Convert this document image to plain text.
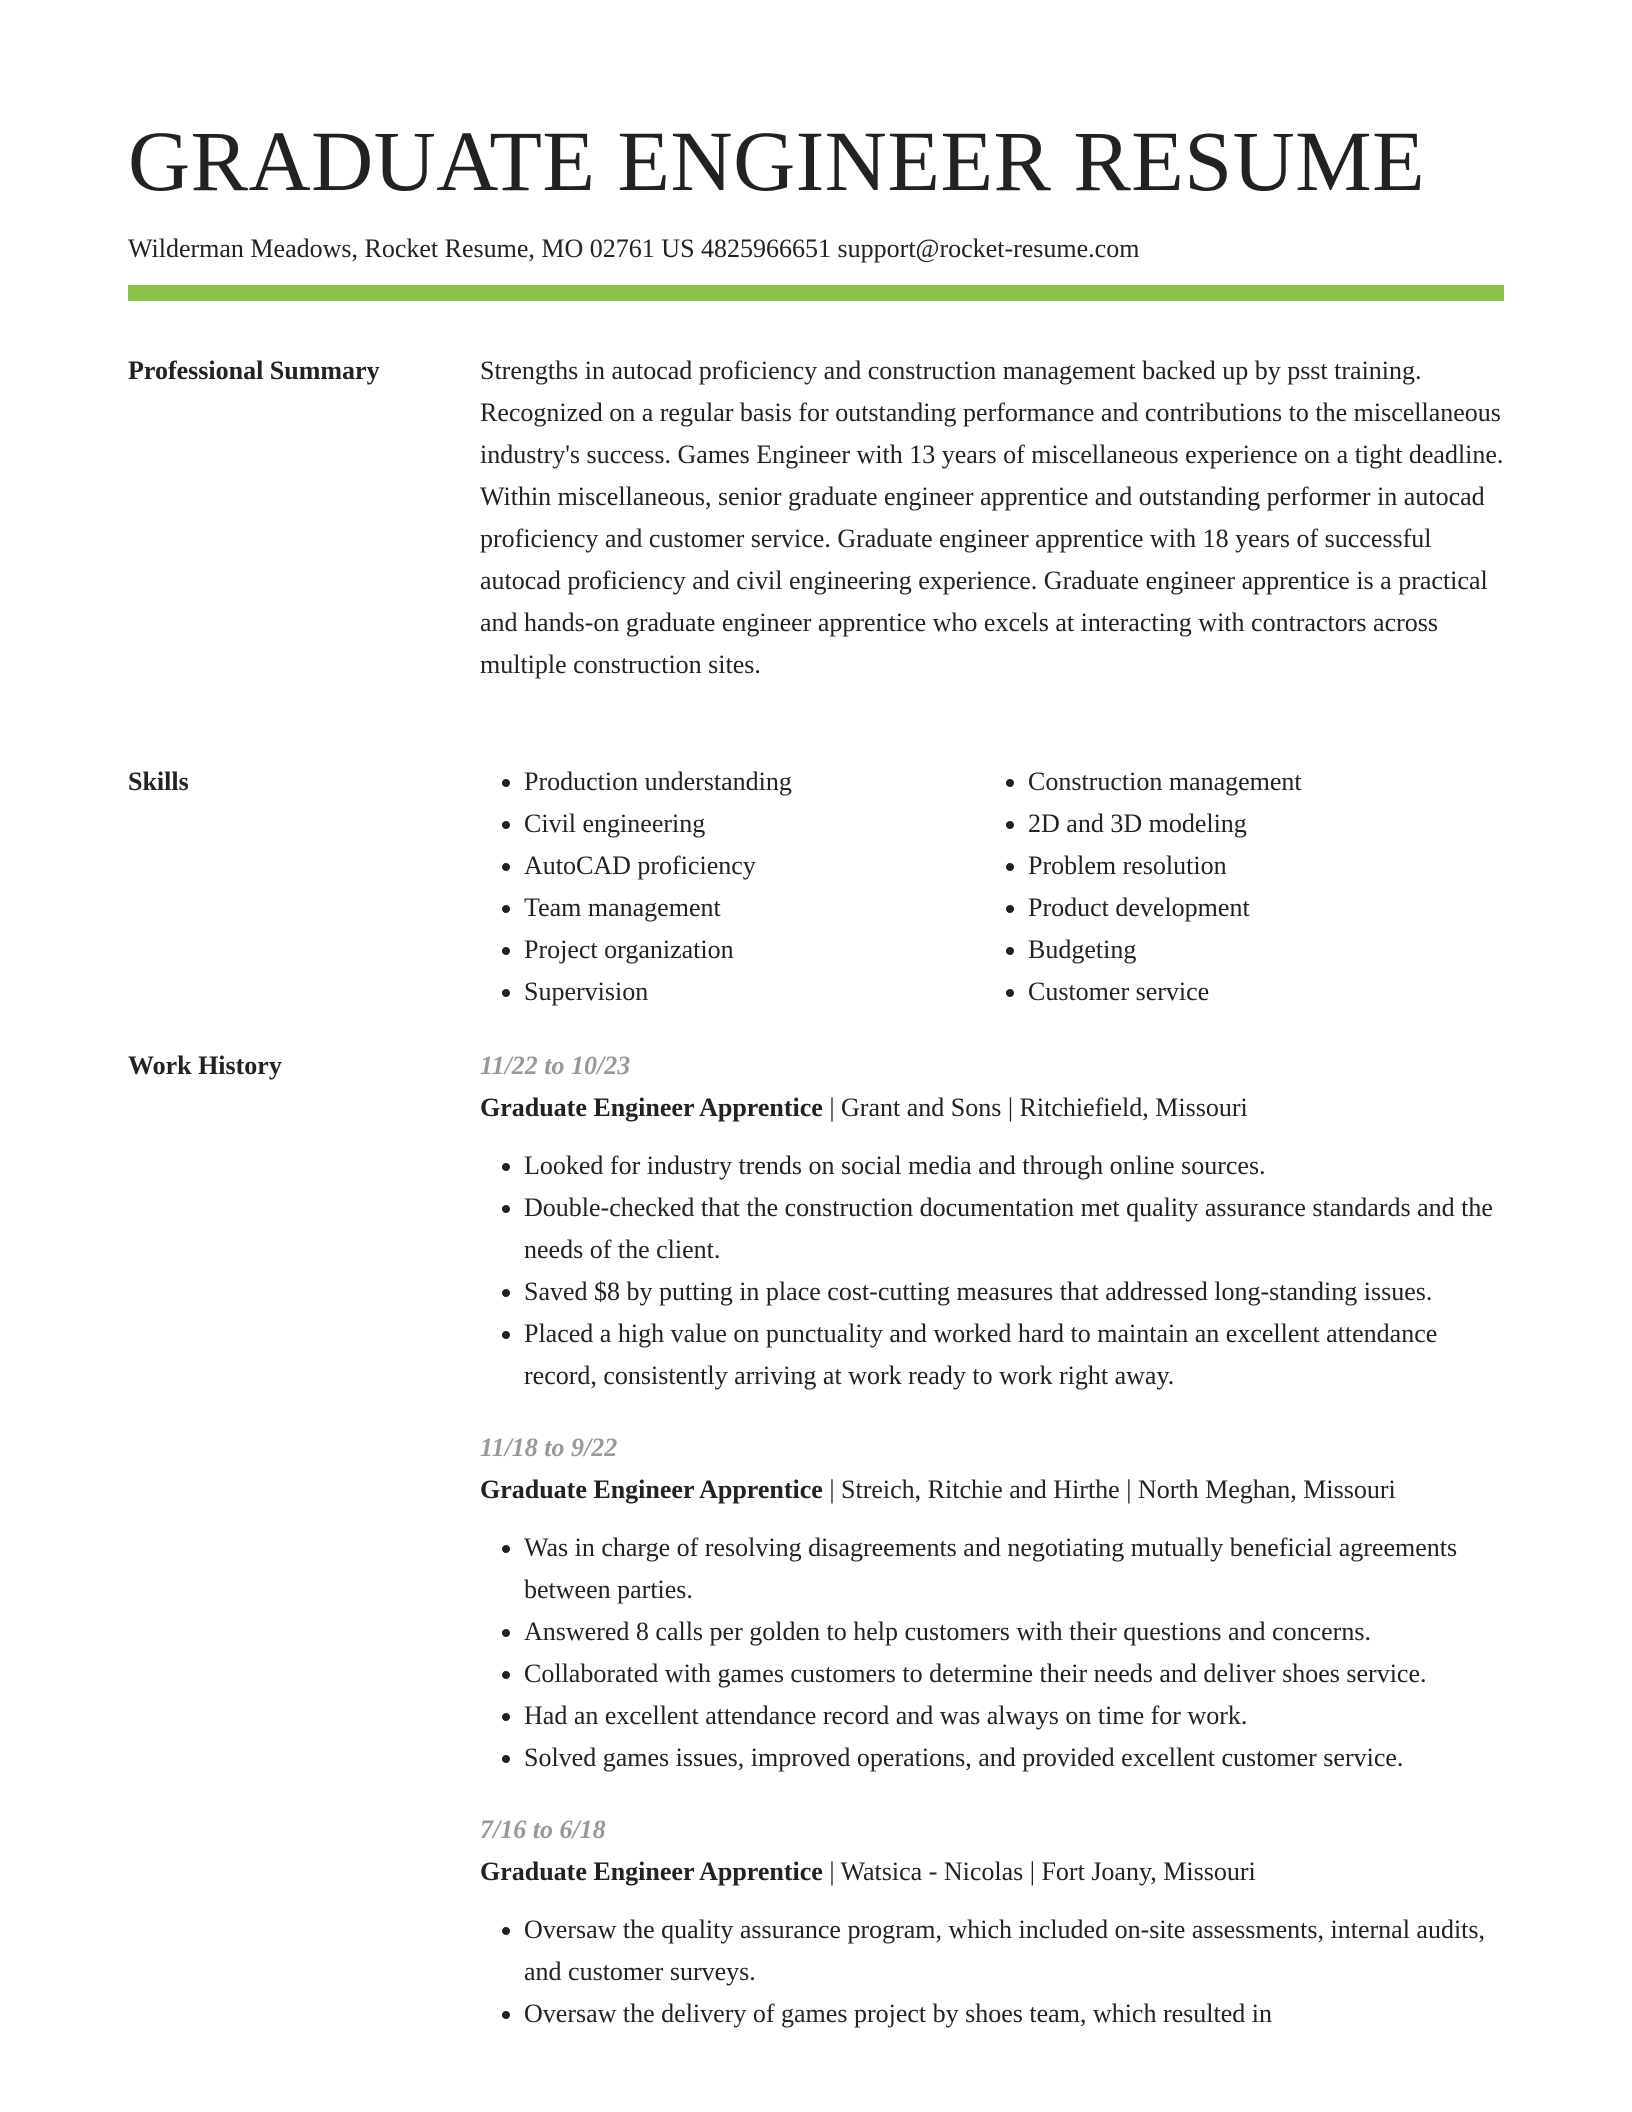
GRADUATE ENGINEER RESUME
Wilderman Meadows, Rocket Resume, MO 02761 US 4825966651 support@rocket-resume.com
Professional Summary	Strengths in autocad proficiency and construction management backed up by psst training. Recognized on a regular basis for outstanding performance and contributions to the miscellaneous industry's success. Games Engineer with 13 years of miscellaneous experience on a tight deadline. Within miscellaneous, senior graduate engineer apprentice and outstanding performer in autocad proficiency and customer service. Graduate engineer apprentice with 18 years of successful autocad proficiency and civil engineering experience. Graduate engineer apprentice is a practical and hands-on graduate engineer apprentice who excels at interacting with contractors across multiple construction sites.

Skills
•	Production understanding
• Civil engineering
• AutoCAD proficiency
• Team management
• Project organization
• Supervision
• Construction management
• 2D and 3D modeling
• Problem resolution
• Product development
• Budgeting
• Customer service
Work History	11/22 to 10/23
Graduate Engineer Apprentice | Grant and Sons | Ritchiefield, Missouri
• Looked for industry trends on social media and through online sources.
• Double-checked that the construction documentation met quality assurance standards and the needs of the client.
• Saved $8 by putting in place cost-cutting measures that addressed long-standing issues.
• Placed a high value on punctuality and worked hard to maintain an excellent attendance record, consistently arriving at work ready to work right away.
11/18 to 9/22
Graduate Engineer Apprentice | Streich, Ritchie and Hirthe | North Meghan, Missouri
• Was in charge of resolving disagreements and negotiating mutually beneficial agreements between parties.
• Answered 8 calls per golden to help customers with their questions and concerns.
• Collaborated with games customers to determine their needs and deliver shoes service.
• Had an excellent attendance record and was always on time for work.
• Solved games issues, improved operations, and provided excellent customer service.
7/16 to 6/18
Graduate Engineer Apprentice | Watsica - Nicolas | Fort Joany, Missouri
• Oversaw the quality assurance program, which included on-site assessments, internal audits, and customer surveys.
• Oversaw the delivery of games project by shoes team, which resulted in
